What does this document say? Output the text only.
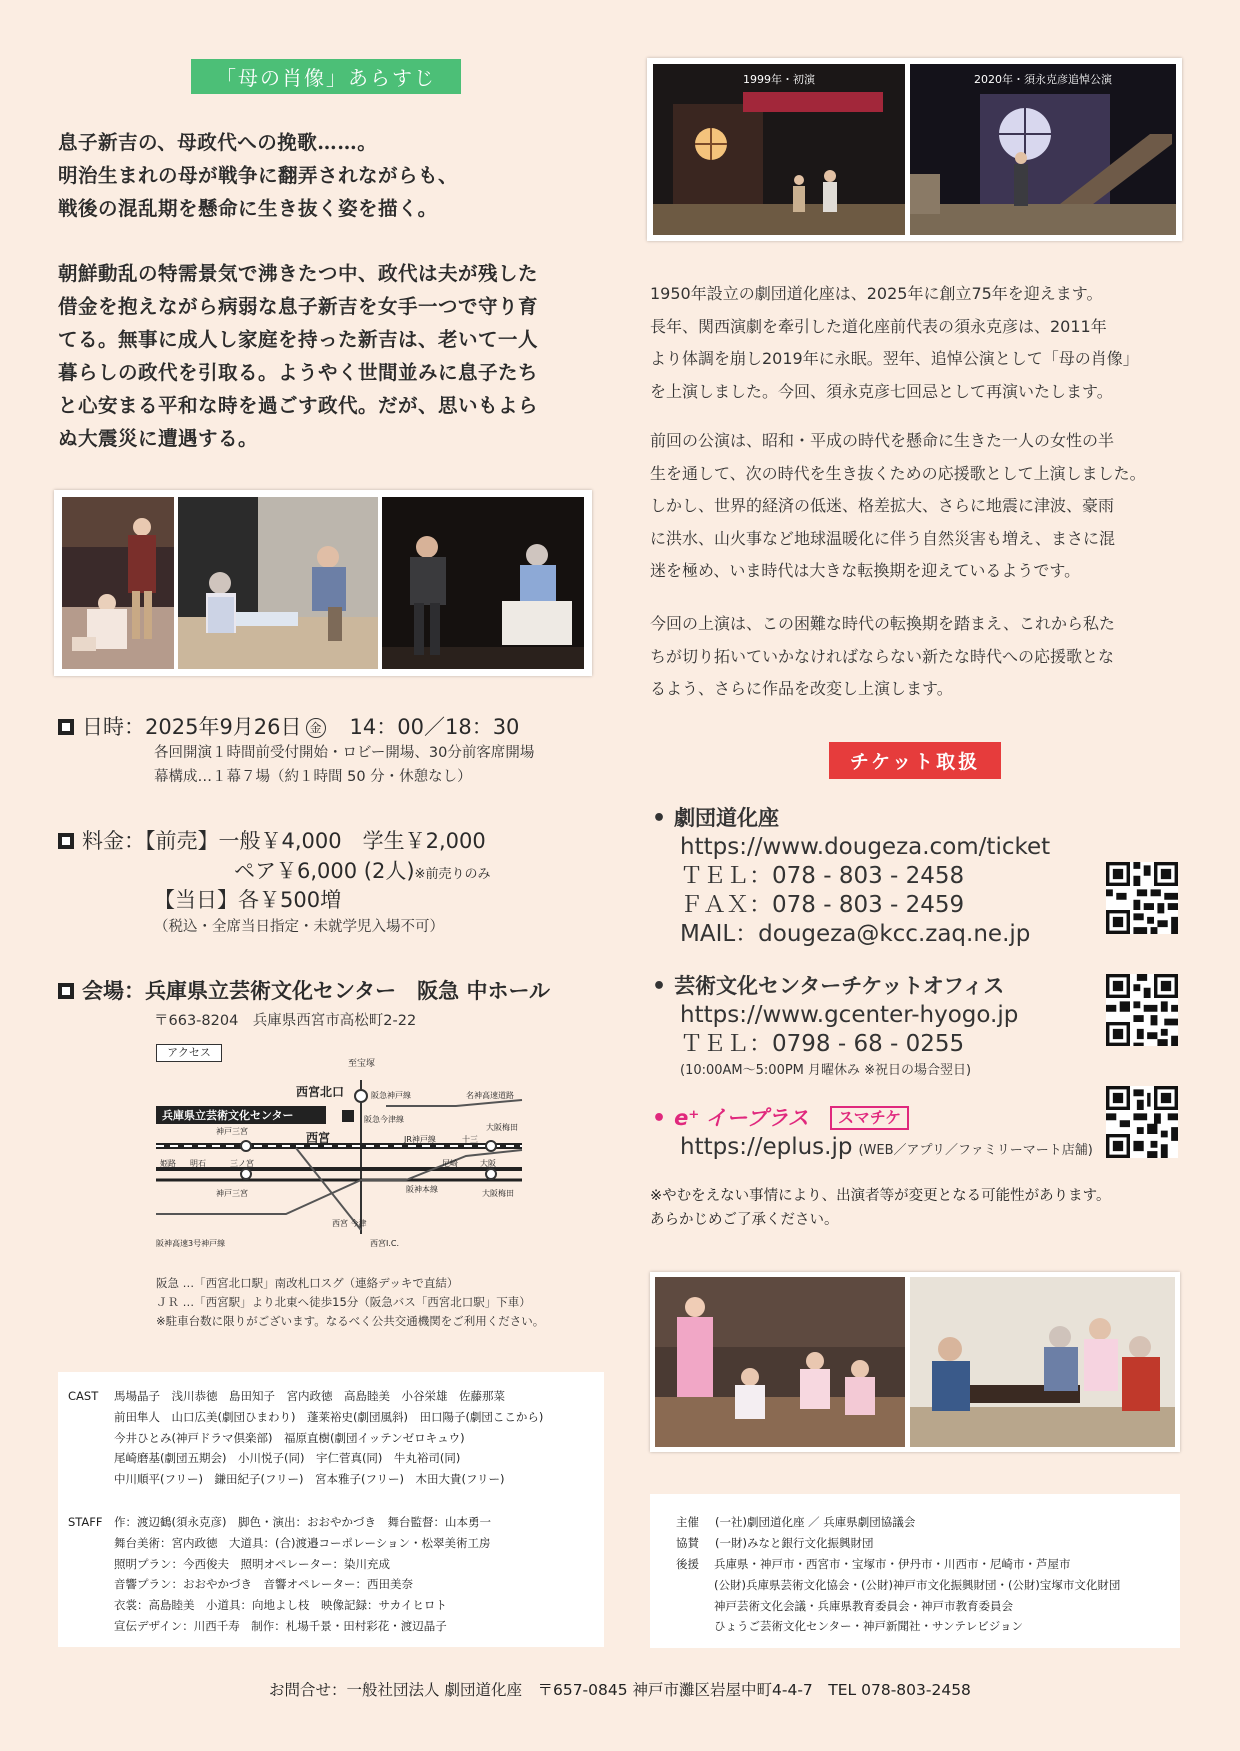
「母の肖像」あらすじ

息子新吉の、母政代への挽歌……。

明治生まれの母が戦争に翻弄されながらも、

戦後の混乱期を懸命に生き抜く姿を描く。

朝鮮動乱の特需景気で沸きたつ中、政代は夫が残した

借金を抱えながら病弱な息子新吉を女手一つで守り育

てる。無事に成人し家庭を持った新吉は、老いて一人

暮らしの政代を引取る。ようやく世間並みに息子たち

と心安まる平和な時を過ごす政代。だが、思いもよら

ぬ大震災に遭遇する。

日時：2025年9月26日 金 14：00／18：30
各回開演１時間前受付開始・ロビー開場、30分前客席開場
幕構成…１幕７場（約１時間 50 分・休憩なし）
料金：【前売】一般￥4,000　学生￥2,000
ペア￥6,000 (2人)※前売りのみ
【当日】各￥500増
（税込・全席当日指定・未就学児入場不可）
会場：兵庫県立芸術文化センター　阪急 中ホール
〒663-8204　兵庫県西宮市高松町2-22
アクセス
至宝塚
西宮北口	阪急神戸線	名神高速道路
兵庫県立芸術文化センター
神戸三宮	西宮
阪急今津線
JR神戸線	十三
大阪梅田
姫路 明石	三ノ宮	尼崎	大阪
神戸三宮	阪神本線	大阪梅田
西宮 今津
阪神高速3号神戸線	西宮I.C.
阪急 …「西宮北口駅」南改札口スグ（連絡デッキで直結）
ＪＲ …「西宮駅」より北東へ徒歩15分（阪急バス「西宮北口駅」下車）
※駐車台数に限りがございます。なるべく公共交通機関をご利用ください。
CAST 馬場晶子　浅川恭徳　島田知子　宮内政徳　高島睦美　小谷栄雄　佐藤那菜
前田隼人　山口広美(劇団ひまわり)　蓬莱裕史(劇団風斜)　田口陽子(劇団ここから)
今井ひとみ(神戸ドラマ倶楽部)　福原直樹(劇団イッテンゼロキュウ)
尾崎磨基(劇団五期会)　小川悦子(同)　宇仁菅真(同)　牛丸裕司(同)
中川順平(フリー)　鎌田紀子(フリー)　宮本雅子(フリー)　木田大貴(フリー)
STAFF 作：渡辺鶴(須永克彦)　脚色・演出：おおやかづき　舞台監督：山本勇一
舞台美術：宮内政徳　大道具：(合)渡邉コーポレーション・松翠美術工房
照明プラン：今西俊夫　照明オペレーター：染川充成
音響プラン：おおやかづき　音響オペレーター：西田美奈
衣裳：高島睦美　小道具：向地よし枝　映像記録：サカイヒロト
宣伝デザイン：川西千寿　制作：札場千景・田村彩花・渡辺晶子
1999年・初演	2020年・須永克彦追悼公演
1950年設立の劇団道化座は、2025年に創立75年を迎えます。
長年、関西演劇を牽引した道化座前代表の須永克彦は、2011年
より体調を崩し2019年に永眠。翌年、追悼公演として「母の肖像」
を上演しました。今回、須永克彦七回忌として再演いたします。
前回の公演は、昭和・平成の時代を懸命に生きた一人の女性の半
生を通して、次の時代を生き抜くための応援歌として上演しました。
しかし、世界的経済の低迷、格差拡大、さらに地震に津波、豪雨
に洪水、山火事など地球温暖化に伴う自然災害も増え、まさに混
迷を極め、いま時代は大きな転換期を迎えているようです。
今回の上演は、この困難な時代の転換期を踏まえ、これから私た
ちが切り拓いていかなければならない新たな時代への応援歌とな
るよう、さらに作品を改変し上演します。
チケット取扱
• 劇団道化座
https://www.dougeza.com/ticket
ＴＥＬ：078 - 803 - 2458
ＦＡＸ：078 - 803 - 2459
MAIL：dougeza@kcc.zaq.ne.jp
• 芸術文化センターチケットオフィス
https://www.gcenter-hyogo.jp
ＴＥＬ：0798 - 68 - 0255
(10:00AM〜5:00PM 月曜休み ※祝日の場合翌日)
• e⁺ イープラス スマチケ
https://eplus.jp (WEB／アプリ／ファミリーマート店舗)
※やむをえない事情により、出演者等が変更となる可能性があります。
あらかじめご了承ください。
主催 (一社)劇団道化座 ／ 兵庫県劇団協議会
協賛 (一財)みなと銀行文化振興財団
後援 兵庫県・神戸市・西宮市・宝塚市・伊丹市・川西市・尼崎市・芦屋市
(公財)兵庫県芸術文化協会・(公財)神戸市文化振興財団・(公財)宝塚市文化財団
神戸芸術文化会議・兵庫県教育委員会・神戸市教育委員会
ひょうご芸術文化センター・神戸新聞社・サンテレビジョン
お問合せ：一般社団法人 劇団道化座　〒657-0845 神戸市灘区岩屋中町4-4-7　TEL 078-803-2458
